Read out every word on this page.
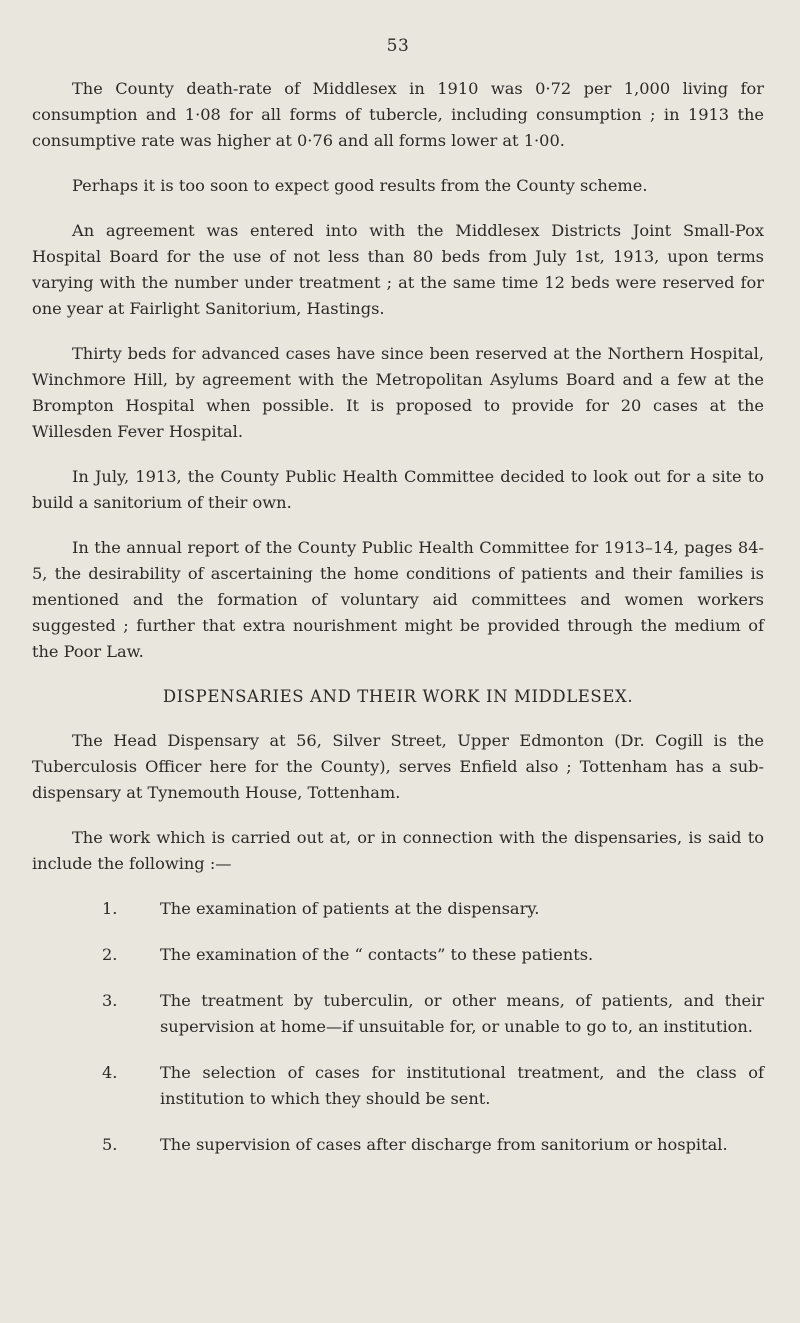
53

The County death-rate of Middlesex in 1910 was 0·72 per 1,000 living for consumption and 1·08 for all forms of tubercle, including consumption ; in 1913 the consumptive rate was higher at 0·76 and all forms lower at 1·00.

Perhaps it is too soon to expect good results from the County scheme.

An agreement was entered into with the Middlesex Districts Joint Small-Pox Hospital Board for the use of not less than 80 beds from July 1st, 1913, upon terms varying with the number under treatment ; at the same time 12 beds were reserved for one year at Fairlight Sanitorium, Hastings.

Thirty beds for advanced cases have since been reserved at the Northern Hospital, Winchmore Hill, by agreement with the Metropolitan Asylums Board and a few at the Brompton Hospital when possible. It is proposed to provide for 20 cases at the Willesden Fever Hospital.

In July, 1913, the County Public Health Committee decided to look out for a site to build a sanitorium of their own.

In the annual report of the County Public Health Committee for 1913–14, pages 84-5, the desirability of ascertaining the home conditions of patients and their families is mentioned and the formation of voluntary aid committees and women workers suggested ; further that extra nourishment might be provided through the medium of the Poor Law.

DISPENSARIES AND THEIR WORK IN MIDDLESEX.

The Head Dispensary at 56, Silver Street, Upper Edmonton (Dr. Cogill is the Tuberculosis Officer here for the County), serves Enfield also ; Tottenham has a sub-dispensary at Tynemouth House, Tottenham.

The work which is carried out at, or in connection with the dispensaries, is said to include the following :—

1.	The examination of patients at the dispensary.
2.	The examination of the “ contacts” to these patients.
3.	The treatment by tuberculin, or other means, of patients, and their supervision at home—if unsuitable for, or unable to go to, an institution.
4.	The selection of cases for institutional treatment, and the class of institution to which they should be sent.
5.	The supervision of cases after discharge from sanitorium or hospital.
